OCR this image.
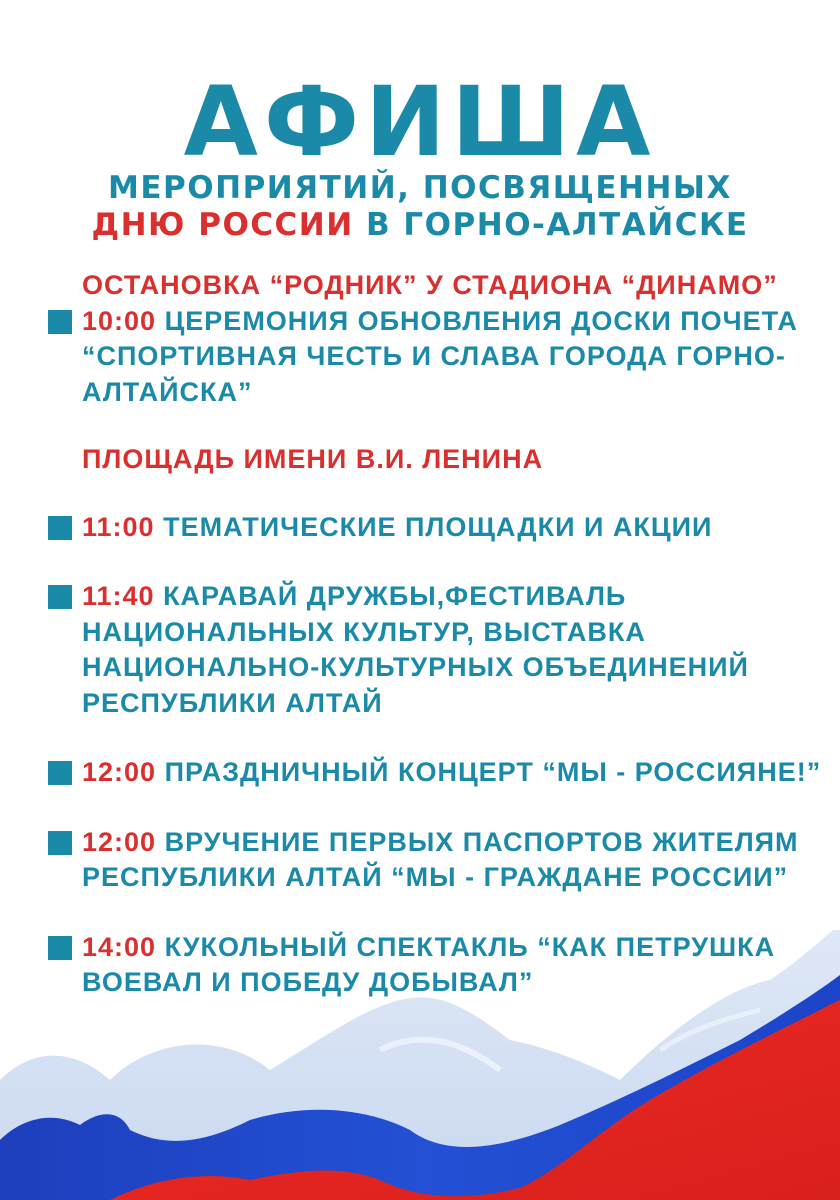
АФИША
МЕРОПРИЯТИЙ, ПОСВЯЩЕННЫХ
ДНЮ РОССИИ В ГОРНО-АЛТАЙСКЕ
ОСТАНОВКА “РОДНИК” У СТАДИОНА “ДИНАМО”
10:00 ЦЕРЕМОНИЯ ОБНОВЛЕНИЯ ДОСКИ ПОЧЕТА
“СПОРТИВНАЯ ЧЕСТЬ И СЛАВА ГОРОДА ГОРНО-
АЛТАЙСКА”
ПЛОЩАДЬ ИМЕНИ В.И. ЛЕНИНА
11:00 ТЕМАТИЧЕСКИЕ ПЛОЩАДКИ И АКЦИИ
11:40 КАРАВАЙ ДРУЖБЫ,ФЕСТИВАЛЬ
НАЦИОНАЛЬНЫХ КУЛЬТУР, ВЫСТАВКА
НАЦИОНАЛЬНО-КУЛЬТУРНЫХ ОБЪЕДИНЕНИЙ
РЕСПУБЛИКИ АЛТАЙ
12:00 ПРАЗДНИЧНЫЙ КОНЦЕРТ “МЫ - РОССИЯНЕ!”
12:00 ВРУЧЕНИЕ ПЕРВЫХ ПАСПОРТОВ ЖИТЕЛЯМ
РЕСПУБЛИКИ АЛТАЙ “МЫ - ГРАЖДАНЕ РОССИИ”
14:00 КУКОЛЬНЫЙ СПЕКТАКЛЬ “КАК ПЕТРУШКА
ВОЕВАЛ И ПОБЕДУ ДОБЫВАЛ”
